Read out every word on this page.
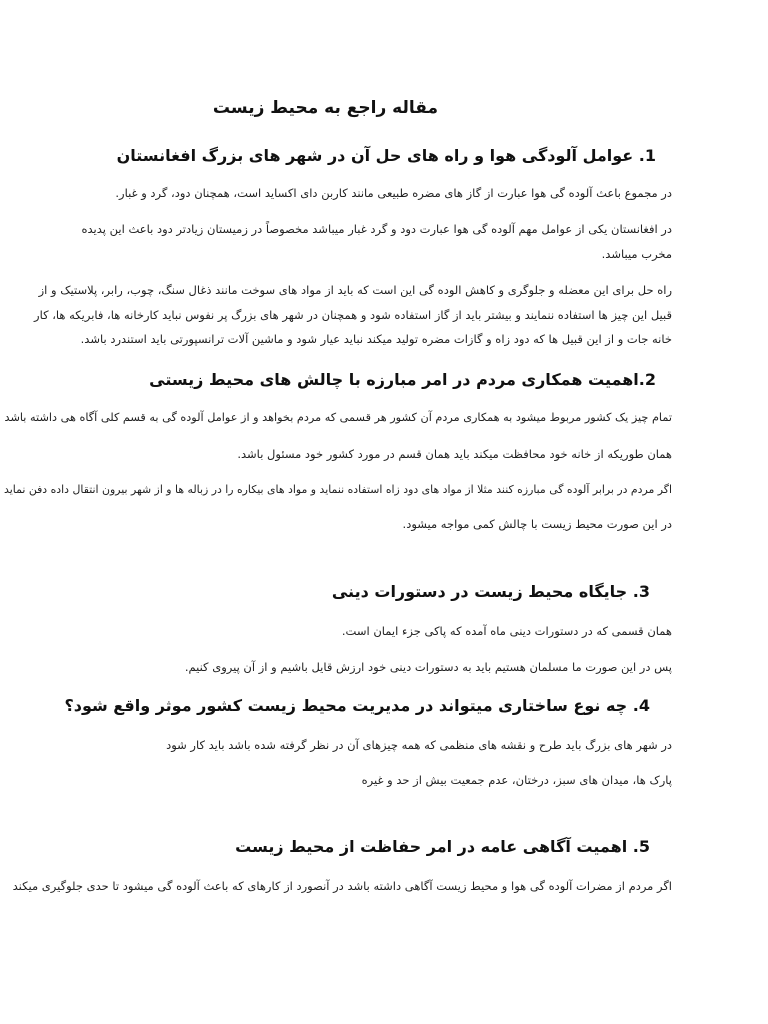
مقاله راجع به محیط زیست
1. عوامل آلودگی هوا و راه های حل آن در شهر های بزرگ افغانستان
در مجموع باعث آلوده گی هوا عبارت از گاز های مضره طبیعی مانند کاربن دای اکساید است، همچنان دود، گرد و غبار.
در افغانستان یکی از عوامل مهم آلوده گی هوا عبارت دود و گرد غبار میباشد مخصوصاً در زمیستان زیادتر دود باعث این پدیده
مخرب میباشد.
راه حل برای این معضله و جلوگری و کاهش الوده گی این است که باید از مواد های سوخت مانند ذغال سنگ، چوب، رابر، پلاستیک و از
قبیل این چیز ها استفاده ننمایند و بیشتر باید از گاز استفاده شود و همچنان در شهر های بزرگ پر نفوس نباید کارخانه ها، فابریکه ها، کار
خانه جات و از این قبیل ها که دود زاه و گازات مضره تولید میکند نباید عیار شود و ماشین آلات ترانسپورتی باید استندرد باشد.
2.اهمیت همکاری مردم در امر مبارزه با چالش های محیط زیستی
تمام چیز یک کشور مربوط میشود به همکاری مردم آن کشور هر قسمی که مردم بخواهد و از عوامل آلوده گی به قسم کلی آگاه هی داشته باشد
همان طوریکه از خانه خود محافظت میکند باید همان قسم در مورد کشور خود مسئول باشد.
اگر مردم در برابر آلوده گی مبارزه کنند مثلا از مواد های دود زاه استفاده ننماید و مواد های بیکاره را در زباله ها و از شهر بیرون انتقال داده دفن نماید
در این صورت محیط زیست با چالش کمی مواجه میشود.
3. جایگاه محیط زیست در دستورات دینی
همان قسمی که در دستورات دینی ماه آمده که پاکی جزء ایمان است.
پس در این صورت ما مسلمان هستیم باید به دستورات دینی خود ارزش قایل باشیم و از آن پیروی کنیم.
4. چه نوع ساختاری میتواند در مدیریت محیط زیست کشور موثر واقع شود؟
در شهر های بزرگ باید طرح و نقشه های منظمی که همه چیزهای آن در نظر گرفته شده باشد باید کار شود
پارک ها، میدان های سبز، درختان، عدم جمعیت بیش از حد و غیره
5. اهمیت آگاهی عامه در امر حفاظت از محیط زیست
اگر مردم از مضرات آلوده گی هوا و محیط زیست آگاهی داشته باشد در آنصورد از کارهای که باعث آلوده گی میشود تا حدی جلوگیری میکند
